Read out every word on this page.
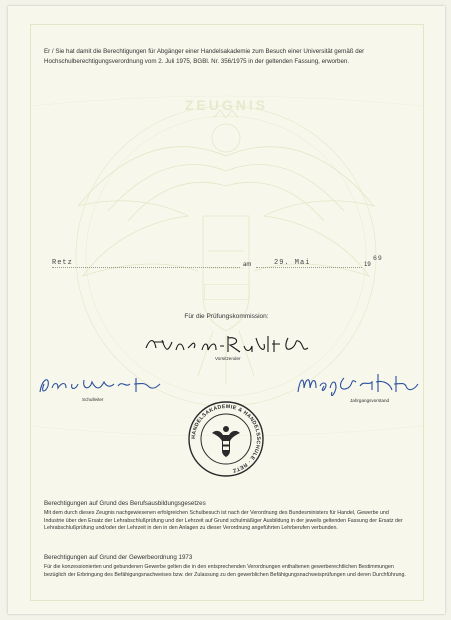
Er / Sie hat damit die Berechtigungen für Abgänger einer Handelsakademie zum Besuch einer Universität gemäß der Hochschulberechtigungsverordnung vom 2. Juli 1975, BGBl. Nr. 356/1975 in der geltenden Fassung, erworben.
ZEUGNIS
Retz	am	29. Mai	19
69
Für die Prüfungskommission:
Vorsitzender
Schulleiter	Jahrgangsvorstand
HANDELSAKADEMIE & HANDELSSCHULE · RETZ
Berechtigungen auf Grund des Berufsausbildungsgesetzes
Mit dem durch dieses Zeugnis nachgewiesenen erfolgreichen Schulbesuch ist nach der Verordnung des Bundesministers für Handel, Gewerbe und Industrie über den Ersatz der Lehrabschlußprüfung und der Lehrzeit auf Grund schulmäßiger Ausbildung in der jeweils geltenden Fassung der Ersatz der Lehrabschlußprüfung und/oder der Lehrzeit in den in den Anlagen zu dieser Verordnung angeführten Lehrberufen verbunden.
Berechtigungen auf Grund der Gewerbeordnung 1973
Für die konzessionierten und gebundenen Gewerbe gelten die in den entsprechenden Verordnungen enthaltenen gewerberechtlichen Bestimmungen bezüglich der Erbringung des Befähigungsnachweises bzw. der Zulassung zu den gewerblichen Befähigungsnachweisprüfungen und deren Durchführung.
